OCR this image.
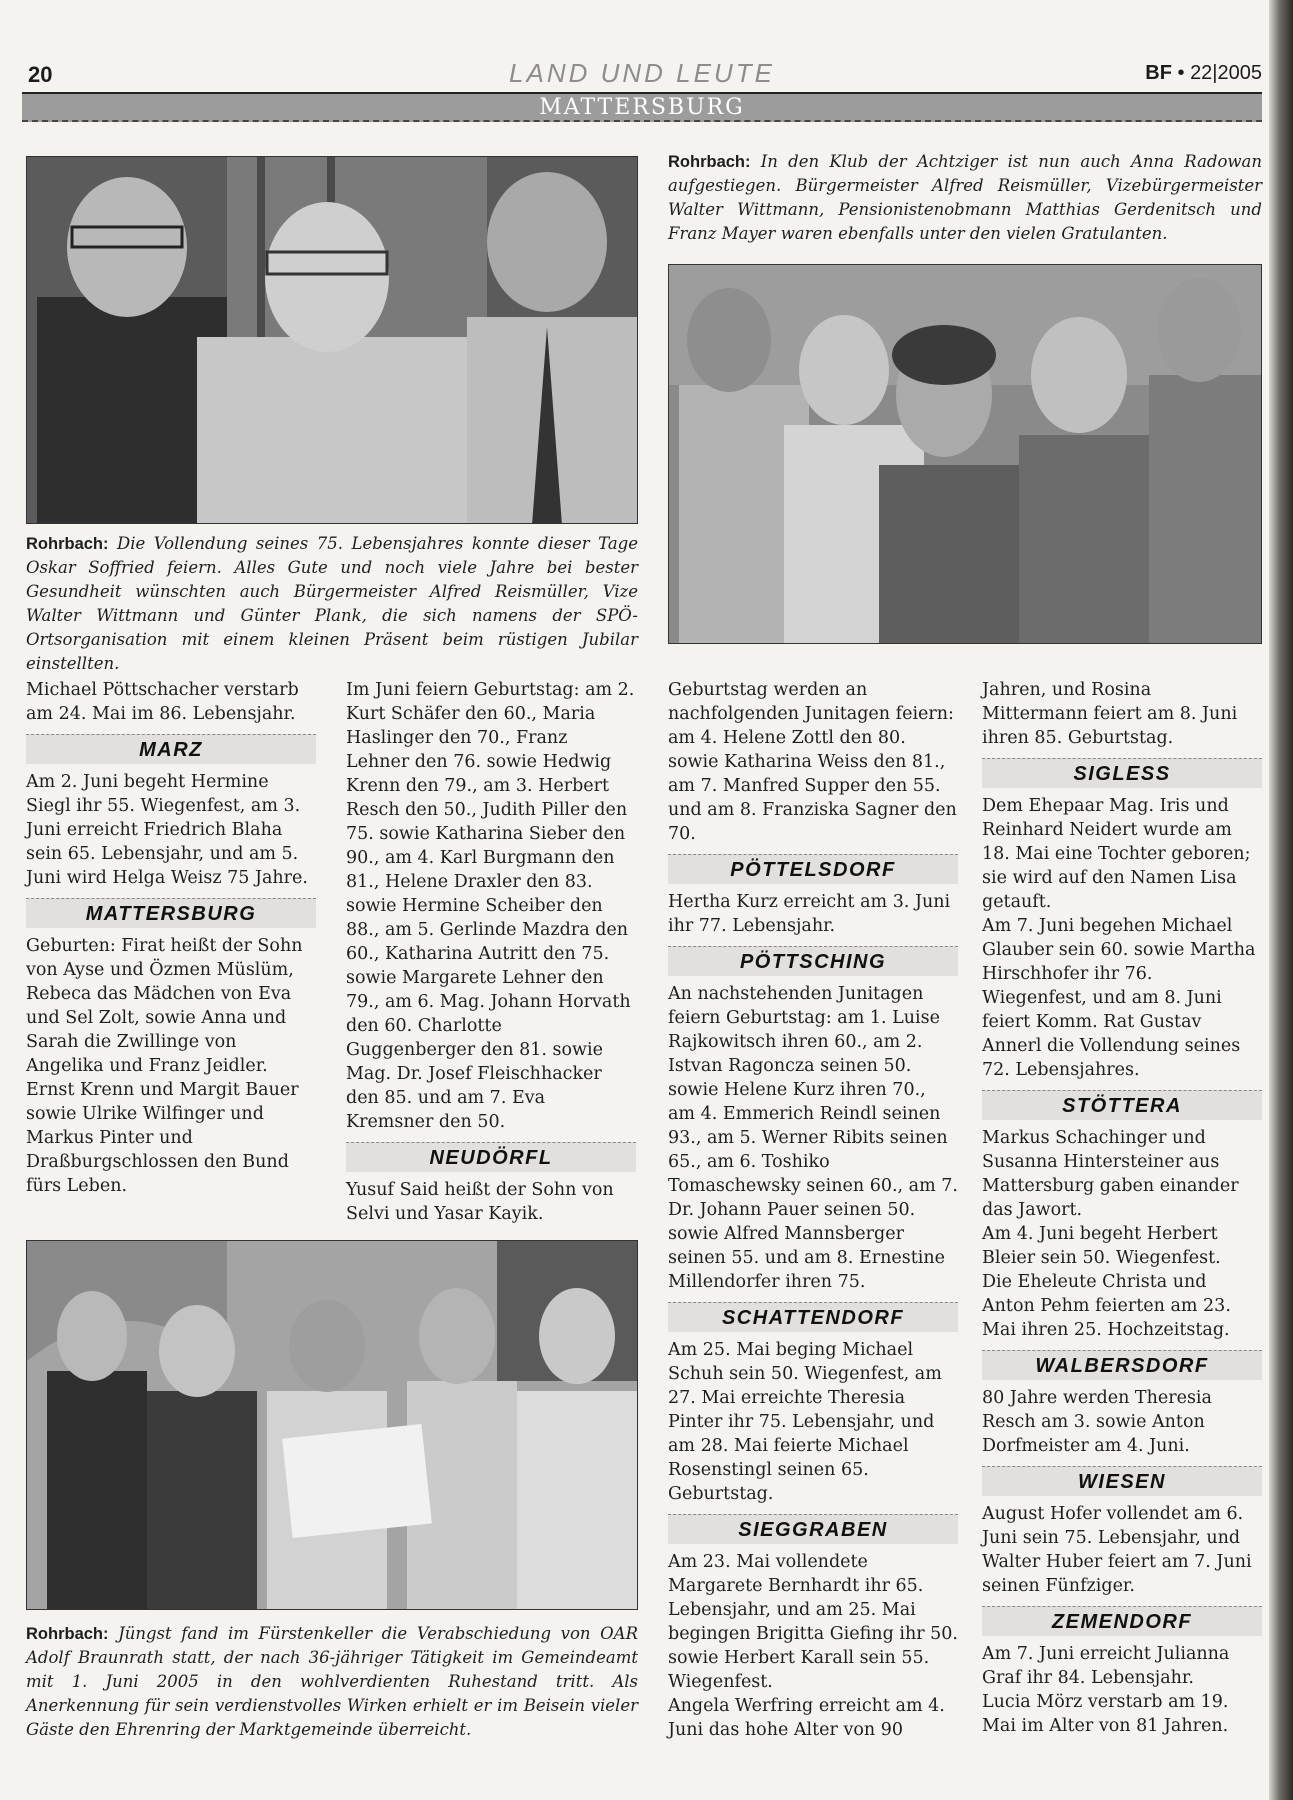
20	LAND UND LEUTE	BF • 22|2005
MATTERSBURG
Rohrbach: Die Vollendung seines 75. Lebensjahres konnte dieser Tage Oskar Soffried feiern. Alles Gute und noch viele Jahre bei bester Gesundheit wünschten auch Bürgermeister Alfred Reismüller, Vize Walter Wittmann und Günter Plank, die sich namens der SPÖ-Ortsorganisation mit einem kleinen Präsent beim rüstigen Jubilar einstellten.
Rohrbach: In den Klub der Achtziger ist nun auch Anna Radowan aufgestiegen. Bürgermeister Alfred Reismüller, Vizebürgermeister Walter Wittmann, Pensionistenobmann Matthias Gerdenitsch und Franz Mayer waren ebenfalls unter den vielen Gratulanten.
Rohrbach: Jüngst fand im Fürstenkeller die Verabschiedung von OAR Adolf Braunrath statt, der nach 36-jähriger Tätigkeit im Gemeindeamt mit 1. Juni 2005 in den wohlverdienten Ruhestand tritt. Als Anerkennung für sein verdienstvolles Wirken erhielt er im Beisein vieler Gäste den Ehrenring der Marktgemeinde überreicht.

Michael Pöttschacher verstarb am 24. Mai im 86. Lebensjahr.

MARZ

Am 2. Juni begeht Hermine Siegl ihr 55. Wiegenfest, am 3. Juni erreicht Friedrich Blaha sein 65. Lebensjahr, und am 5. Juni wird Helga Weisz 75 Jahre.

MATTERSBURG

Geburten: Firat heißt der Sohn von Ayse und Özmen Müslüm, Rebeca das Mädchen von Eva und Sel Zolt, sowie Anna und Sarah die Zwillinge von Angelika und Franz Jeidler.

Ernst Krenn und Margit Bauer sowie Ulrike Wilfinger und Markus Pinter und Draßburgschlossen den Bund fürs Leben.

Im Juni feiern Geburtstag: am 2. Kurt Schäfer den 60., Maria Haslinger den 70., Franz Lehner den 76. sowie Hedwig Krenn den 79., am 3. Herbert Resch den 50., Judith Piller den 75. sowie Katharina Sieber den 90., am 4. Karl Burgmann den 81., Helene Draxler den 83. sowie Hermine Scheiber den 88., am 5. Gerlinde Mazdra den 60., Katharina Autritt den 75. sowie Margarete Lehner den 79., am 6. Mag. Johann Horvath den 60. Charlotte Guggenberger den 81. sowie Mag. Dr. Josef Fleischhacker den 85. und am 7. Eva Kremsner den 50.

NEUDÖRFL

Yusuf Said heißt der Sohn von Selvi und Yasar Kayik.

Geburtstag werden an nachfolgenden Junitagen feiern: am 4. Helene Zottl den 80. sowie Katharina Weiss den 81., am 7. Manfred Supper den 55. und am 8. Franziska Sagner den 70.

PÖTTELSDORF

Hertha Kurz erreicht am 3. Juni ihr 77. Lebensjahr.

PÖTTSCHING

An nachstehenden Junitagen feiern Geburtstag: am 1. Luise Rajkowitsch ihren 60., am 2. Istvan Ragoncza seinen 50. sowie Helene Kurz ihren 70., am 4. Emmerich Reindl seinen 93., am 5. Werner Ribits seinen 65., am 6. Toshiko Tomaschewsky seinen 60., am 7. Dr. Johann Pauer seinen 50. sowie Alfred Mannsberger seinen 55. und am 8. Ernestine Millendorfer ihren 75.

SCHATTENDORF

Am 25. Mai beging Michael Schuh sein 50. Wiegenfest, am 27. Mai erreichte Theresia Pinter ihr 75. Lebensjahr, und am 28. Mai feierte Michael Rosenstingl seinen 65. Geburtstag.

SIEGGRABEN

Am 23. Mai vollendete Margarete Bernhardt ihr 65. Lebensjahr, und am 25. Mai begingen Brigitta Giefing ihr 50. sowie Herbert Karall sein 55. Wiegenfest.

Angela Werfring erreicht am 4. Juni das hohe Alter von 90

Jahren, und Rosina Mittermann feiert am 8. Juni ihren 85. Geburtstag.

SIGLESS

Dem Ehepaar Mag. Iris und Reinhard Neidert wurde am 18. Mai eine Tochter geboren; sie wird auf den Namen Lisa getauft.

Am 7. Juni begehen Michael Glauber sein 60. sowie Martha Hirschhofer ihr 76. Wiegenfest, und am 8. Juni feiert Komm. Rat Gustav Annerl die Vollendung seines 72. Lebensjahres.

STÖTTERA

Markus Schachinger und Susanna Hintersteiner aus Mattersburg gaben einander das Jawort.

Am 4. Juni begeht Herbert Bleier sein 50. Wiegenfest.

Die Eheleute Christa und Anton Pehm feierten am 23. Mai ihren 25. Hochzeitstag.

WALBERSDORF

80 Jahre werden Theresia Resch am 3. sowie Anton Dorfmeister am 4. Juni.

WIESEN

August Hofer vollendet am 6. Juni sein 75. Lebensjahr, und Walter Huber feiert am 7. Juni seinen Fünfziger.

ZEMENDORF

Am 7. Juni erreicht Julianna Graf ihr 84. Lebensjahr.

Lucia Mörz verstarb am 19. Mai im Alter von 81 Jahren.
